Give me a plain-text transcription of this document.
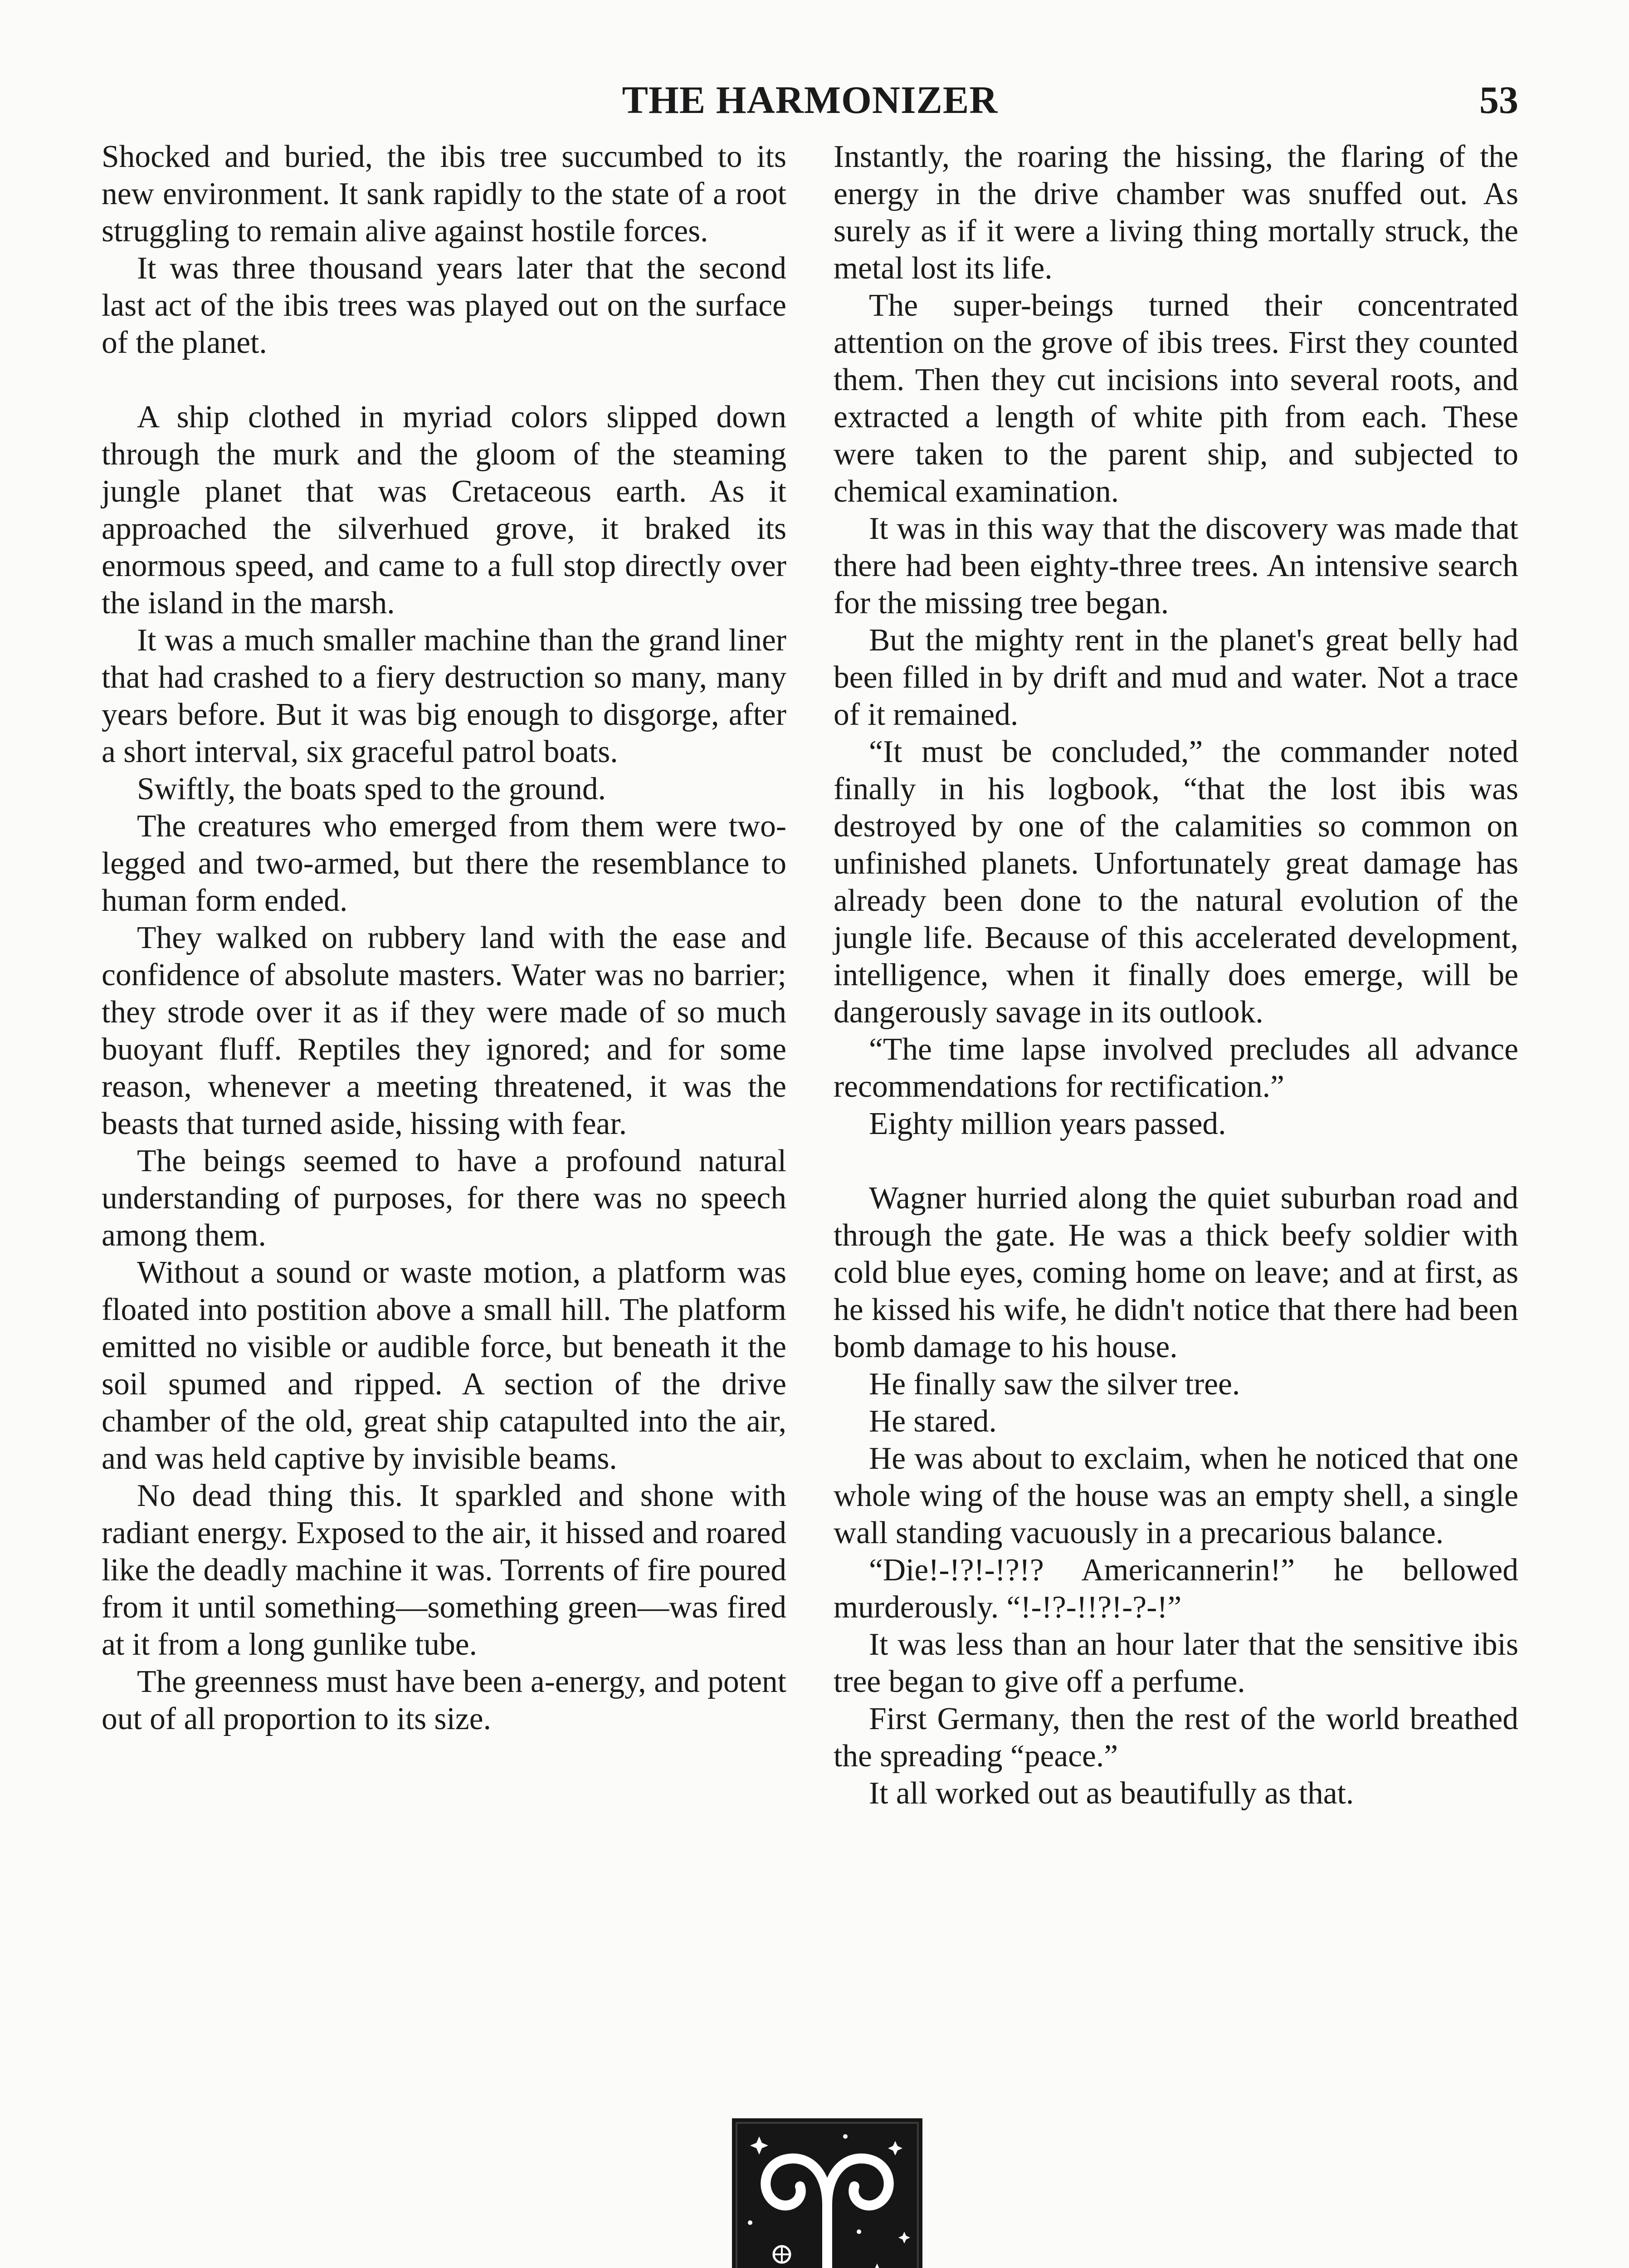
THE HARMONIZER	53

Shocked and buried, the ibis tree succumbed to its new environment. It sank rapidly to the state of a root struggling to remain alive against hostile forces.

It was three thousand years later that the second last act of the ibis trees was played out on the surface of the planet.

A ship clothed in myriad colors slipped down through the murk and the gloom of the steaming jungle planet that was Cretaceous earth. As it approached the silverhued grove, it braked its enormous speed, and came to a full stop directly over the island in the marsh.

It was a much smaller machine than the grand liner that had crashed to a fiery destruction so many, many years before. But it was big enough to disgorge, after a short interval, six graceful patrol boats.

Swiftly, the boats sped to the ground.

The creatures who emerged from them were two-legged and two-armed, but there the resemblance to human form ended.

They walked on rubbery land with the ease and confidence of absolute masters. Water was no barrier; they strode over it as if they were made of so much buoyant fluff. Reptiles they ignored; and for some reason, whenever a meeting threatened, it was the beasts that turned aside, hissing with fear.

The beings seemed to have a profound natural understanding of purposes, for there was no speech among them.

Without a sound or waste motion, a platform was floated into postition above a small hill. The platform emitted no visible or audible force, but beneath it the soil spumed and ripped. A section of the drive chamber of the old, great ship catapulted into the air, and was held captive by invisible beams.

No dead thing this. It sparkled and shone with radiant energy. Exposed to the air, it hissed and roared like the deadly machine it was. Torrents of fire poured from it until something—something green—was fired at it from a long gunlike tube.

The greenness must have been a-energy, and potent out of all proportion to its size.

Instantly, the roaring the hissing, the flaring of the energy in the drive chamber was snuffed out. As surely as if it were a living thing mortally struck, the metal lost its life.

The super-beings turned their concentrated attention on the grove of ibis trees. First they counted them. Then they cut incisions into several roots, and extracted a length of white pith from each. These were taken to the parent ship, and subjected to chemical examination.

It was in this way that the discovery was made that there had been eighty-three trees. An intensive search for the missing tree began.

But the mighty rent in the planet's great belly had been filled in by drift and mud and water. Not a trace of it remained.

“It must be concluded,” the commander noted finally in his logbook, “that the lost ibis was destroyed by one of the calamities so common on unfinished planets. Unfortunately great damage has already been done to the natural evolution of the jungle life. Because of this accelerated development, intelligence, when it finally does emerge, will be dangerously savage in its outlook.

“The time lapse involved precludes all advance recommendations for rectification.”

Eighty million years passed.

Wagner hurried along the quiet suburban road and through the gate. He was a thick beefy soldier with cold blue eyes, coming home on leave; and at first, as he kissed his wife, he didn't notice that there had been bomb damage to his house.

He finally saw the silver tree.

He stared.

He was about to exclaim, when he noticed that one whole wing of the house was an empty shell, a single wall standing vacuously in a precarious balance.

“Die!-!?!-!?!? Americannerin!” he bellowed murderously. “!-!?-!!?!-?-!”

It was less than an hour later that the sensitive ibis tree began to give off a perfume.

First Germany, then the rest of the world breathed the spreading “peace.”

It all worked out as beautifully as that.
